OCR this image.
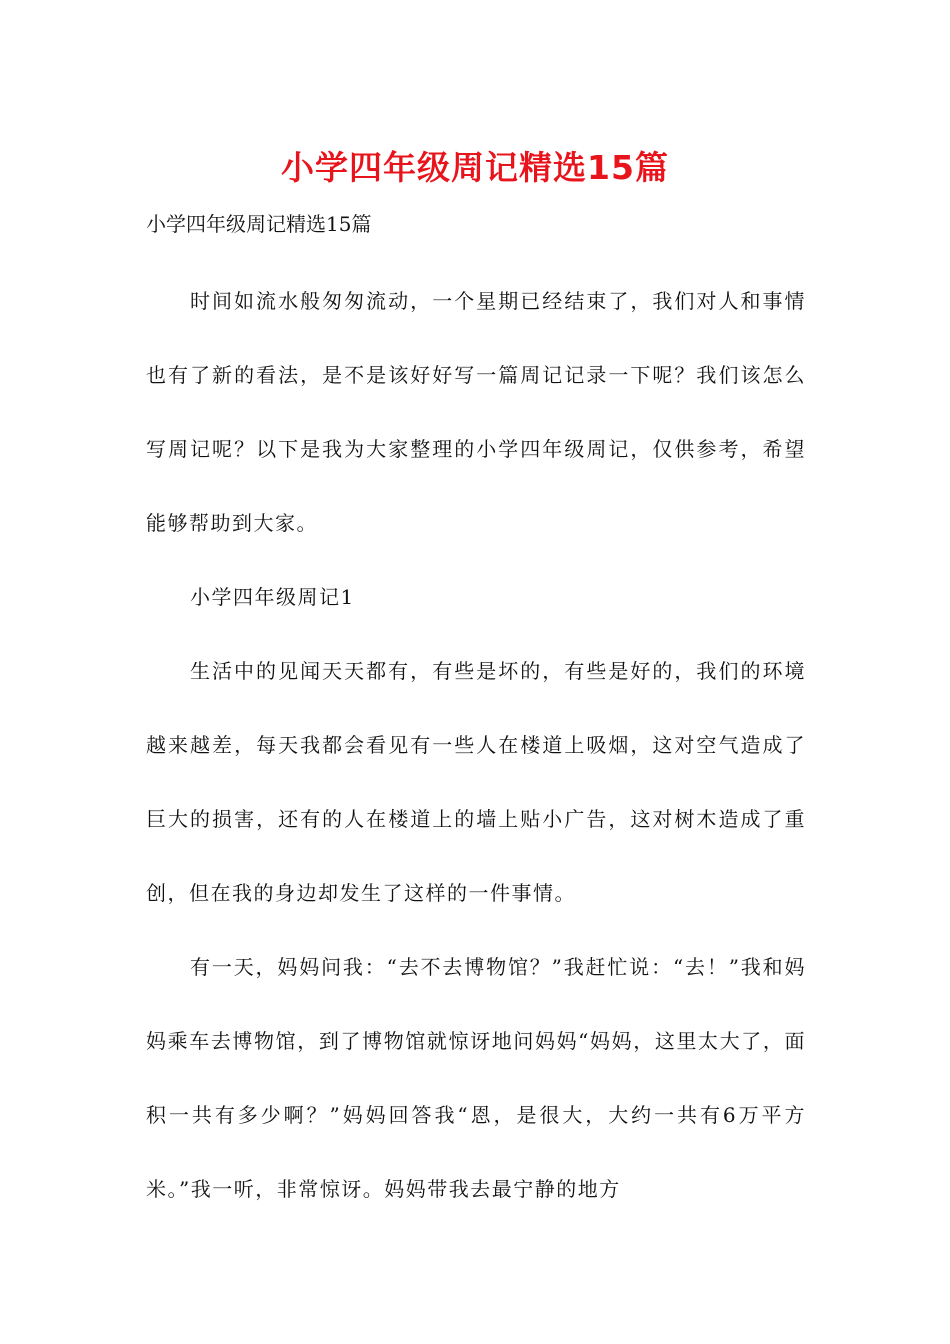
小学四年级周记精选15篇

小学四年级周记精选15篇

时间如流水般匆匆流动，一个星期已经结束了，我们对人和事情也有了新的看法，是不是该好好写一篇周记记录一下呢？我们该怎么写周记呢？以下是我为大家整理的小学四年级周记，仅供参考，希望能够帮助到大家。

小学四年级周记1

生活中的见闻天天都有，有些是坏的，有些是好的，我们的环境越来越差，每天我都会看见有一些人在楼道上吸烟，这对空气造成了巨大的损害，还有的人在楼道上的墙上贴小广告，这对树木造成了重创，但在我的身边却发生了这样的一件事情。

有一天，妈妈问我：“去不去博物馆？”我赶忙说：“去！”我和妈妈乘车去博物馆，到了博物馆就惊讶地问妈妈“妈妈，这里太大了，面积一共有多少啊？”妈妈回答我“恩，是很大，大约一共有6万平方米。”我一听，非常惊讶。妈妈带我去最宁静的地方
